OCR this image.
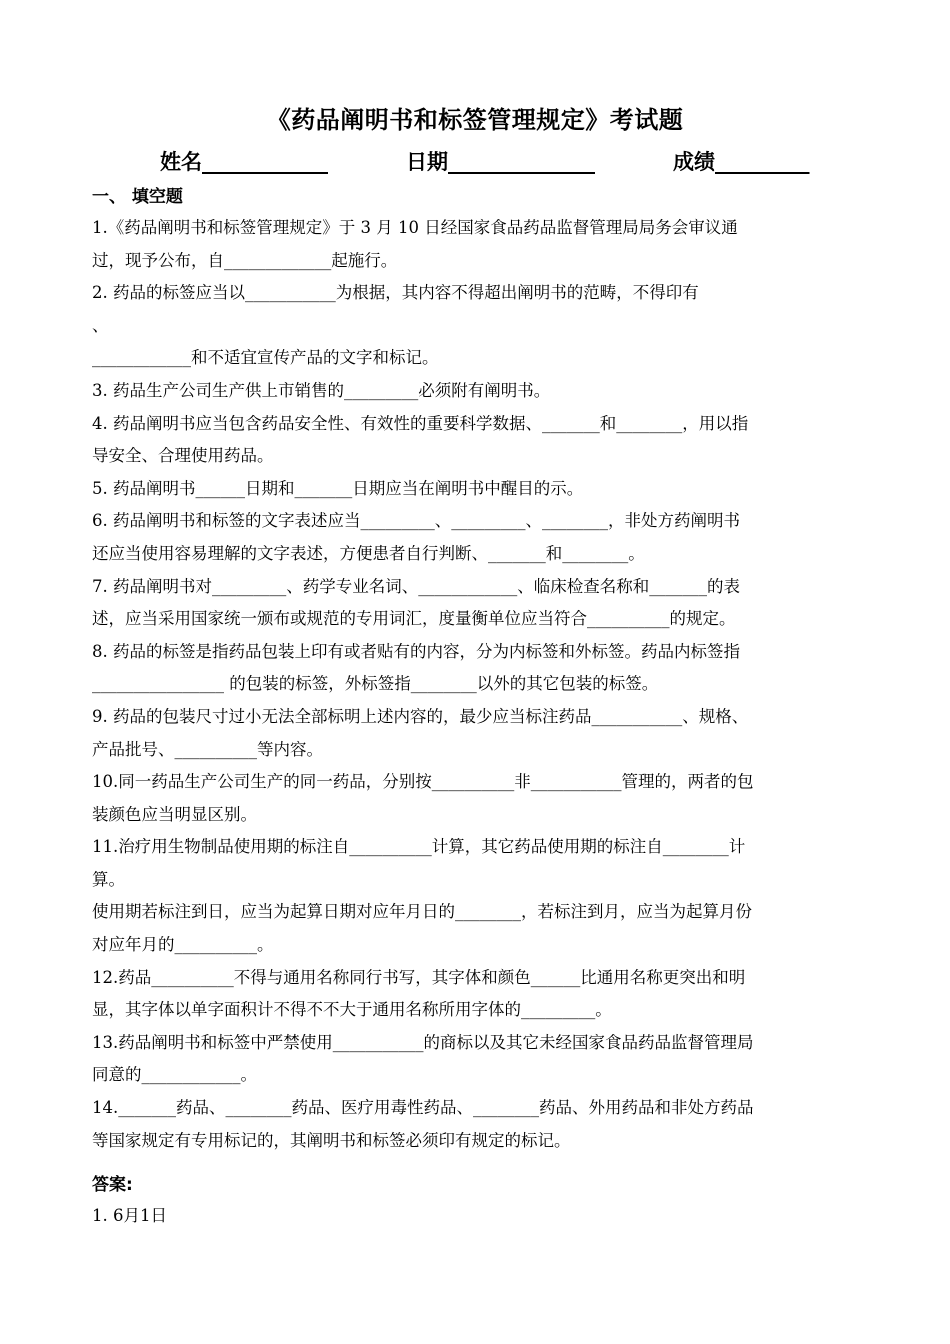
《药品阐明书和标签管理规定》考试题
姓名____________	日期______________	成绩_________
一、 填空题

1.《药品阐明书和标签管理规定》于 3 月 10 日经国家食品药品监督管理局局务会审议通

过，现予公布，自_____________起施行。

2. 药品的标签应当以___________为根据，其内容不得超出阐明书的范畴，不得印有

、

____________和不适宜宣传产品的文字和标记。

3. 药品生产公司生产供上市销售的_________必须附有阐明书。

4. 药品阐明书应当包含药品安全性、有效性的重要科学数据、_______和________，用以指

导安全、合理使用药品。

5. 药品阐明书______日期和_______日期应当在阐明书中醒目的示。

6. 药品阐明书和标签的文字表述应当_________、_________、________，非处方药阐明书

还应当使用容易理解的文字表述，方便患者自行判断、_______和________。

7. 药品阐明书对_________、药学专业名词、____________、临床检查名称和_______的表

述，应当采用国家统一颁布或规范的专用词汇，度量衡单位应当符合__________的规定。

8. 药品的标签是指药品包装上印有或者贴有的内容，分为内标签和外标签。药品内标签指

________________ 的包装的标签，外标签指________以外的其它包装的标签。

9. 药品的包装尺寸过小无法全部标明上述内容的，最少应当标注药品___________、规格、

产品批号、__________等内容。

10.同一药品生产公司生产的同一药品，分别按__________非___________管理的，两者的包

装颜色应当明显区别。

11.治疗用生物制品使用期的标注自__________计算，其它药品使用期的标注自________计

算。

使用期若标注到日，应当为起算日期对应年月日的________，若标注到月，应当为起算月份

对应年月的__________。

12.药品__________不得与通用名称同行书写，其字体和颜色______比通用名称更突出和明

显，其字体以单字面积计不得不不大于通用名称所用字体的_________。

13.药品阐明书和标签中严禁使用___________的商标以及其它未经国家食品药品监督管理局

同意的____________。

14._______药品、________药品、医疗用毒性药品、________药品、外用药品和非处方药品

等国家规定有专用标记的，其阐明书和标签必须印有规定的标记。

答案:
1. 6月1日
